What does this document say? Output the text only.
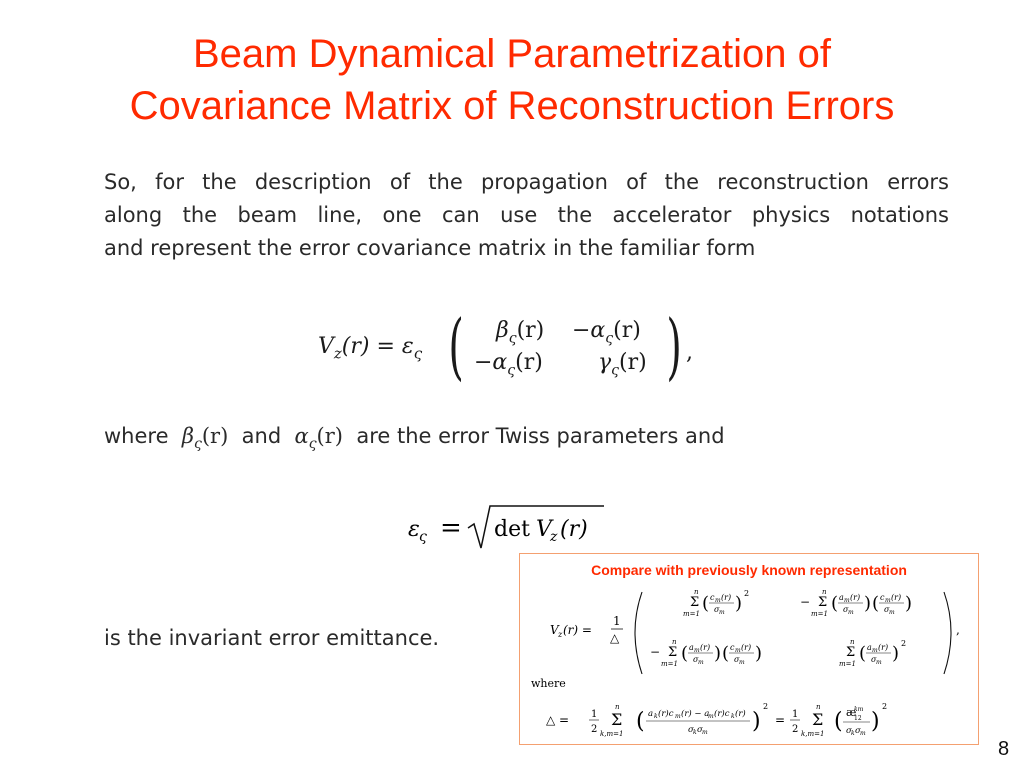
Beam Dynamical Parametrization of
Covariance Matrix of Reconstruction Errors
So, for the description of the propagation of the reconstruction errors
along the beam line, one can use the accelerator physics notations
and represent the error covariance matrix in the familiar form
$V_z(r) = \varepsilon_\varsigma$ ( $\beta_\varsigma(r) -\alpha_\varsigma(r)$
$-\alpha_\varsigma(r)$	$\gamma_\varsigma(r)$ ) ,
where $\beta_\varsigma(r)$ and $\alpha_\varsigma(r)$ are the error Twiss parameters and
ε ς = det V
z (r)
is the invariant error emittance.
Compare with previously known representation
V z (r) =
1
△
,
n
Σ
m=1 ( c m (r)
σ m ) 2
−
n
Σ
m=1 ( a m (r)
σ m ) ( c m (r)
σ m )
−
n
Σ
m=1 ( a m (r)
σ m ) ( c m (r)
σ m )
n
Σ
m=1 ( a m (r)
σ m ) 2
where
△ = 1
2
n
Σ
k,m=1 ( a k (r)c m (r) − a
m (r)c k (r)
σ k σ m )
2
= 1
2
n
Σ
k,m=1 ( æ
km
12
σ k σ m )
2
8
